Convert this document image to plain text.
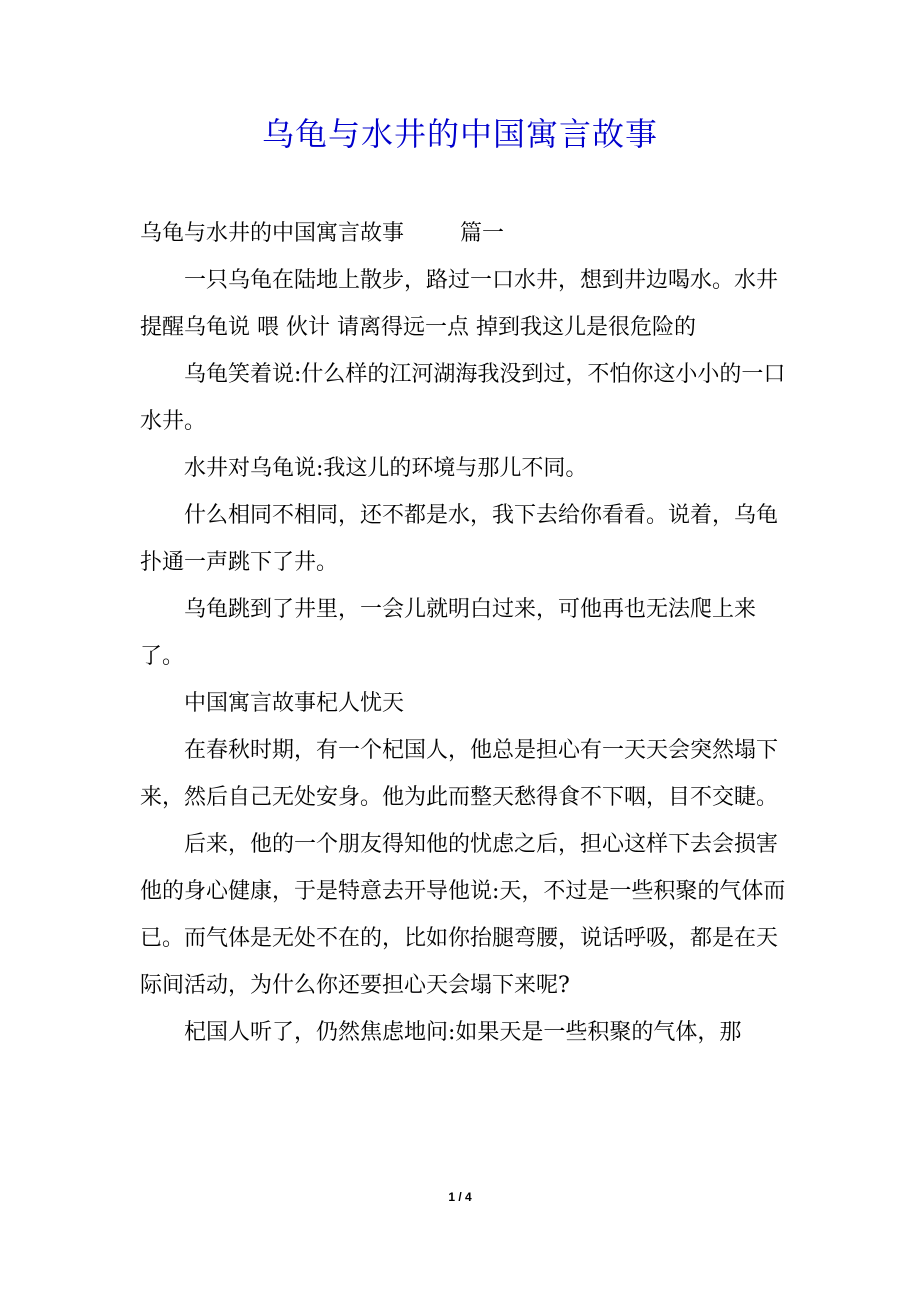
乌龟与水井的中国寓言故事

乌龟与水井的中国寓言故事        篇一

一只乌龟在陆地上散步，路过一口水井，想到井边喝水。水井提醒乌龟说 喂 伙计 请离得远一点 掉到我这儿是很危险的

乌龟笑着说:什么样的江河湖海我没到过，不怕你这小小的一口水井。

水井对乌龟说:我这儿的环境与那儿不同。

什么相同不相同，还不都是水，我下去给你看看。说着，乌龟扑通一声跳下了井。

乌龟跳到了井里，一会儿就明白过来，可他再也无法爬上来了。

中国寓言故事杞人忧天

在春秋时期，有一个杞国人，他总是担心有一天天会突然塌下来，然后自己无处安身。他为此而整天愁得食不下咽，目不交睫。

后来，他的一个朋友得知他的忧虑之后，担心这样下去会损害他的身心健康，于是特意去开导他说:天，不过是一些积聚的气体而已。而气体是无处不在的，比如你抬腿弯腰，说话呼吸，都是在天际间活动，为什么你还要担心天会塌下来呢?

杞国人听了，仍然焦虑地问:如果天是一些积聚的气体，那

1 / 4
